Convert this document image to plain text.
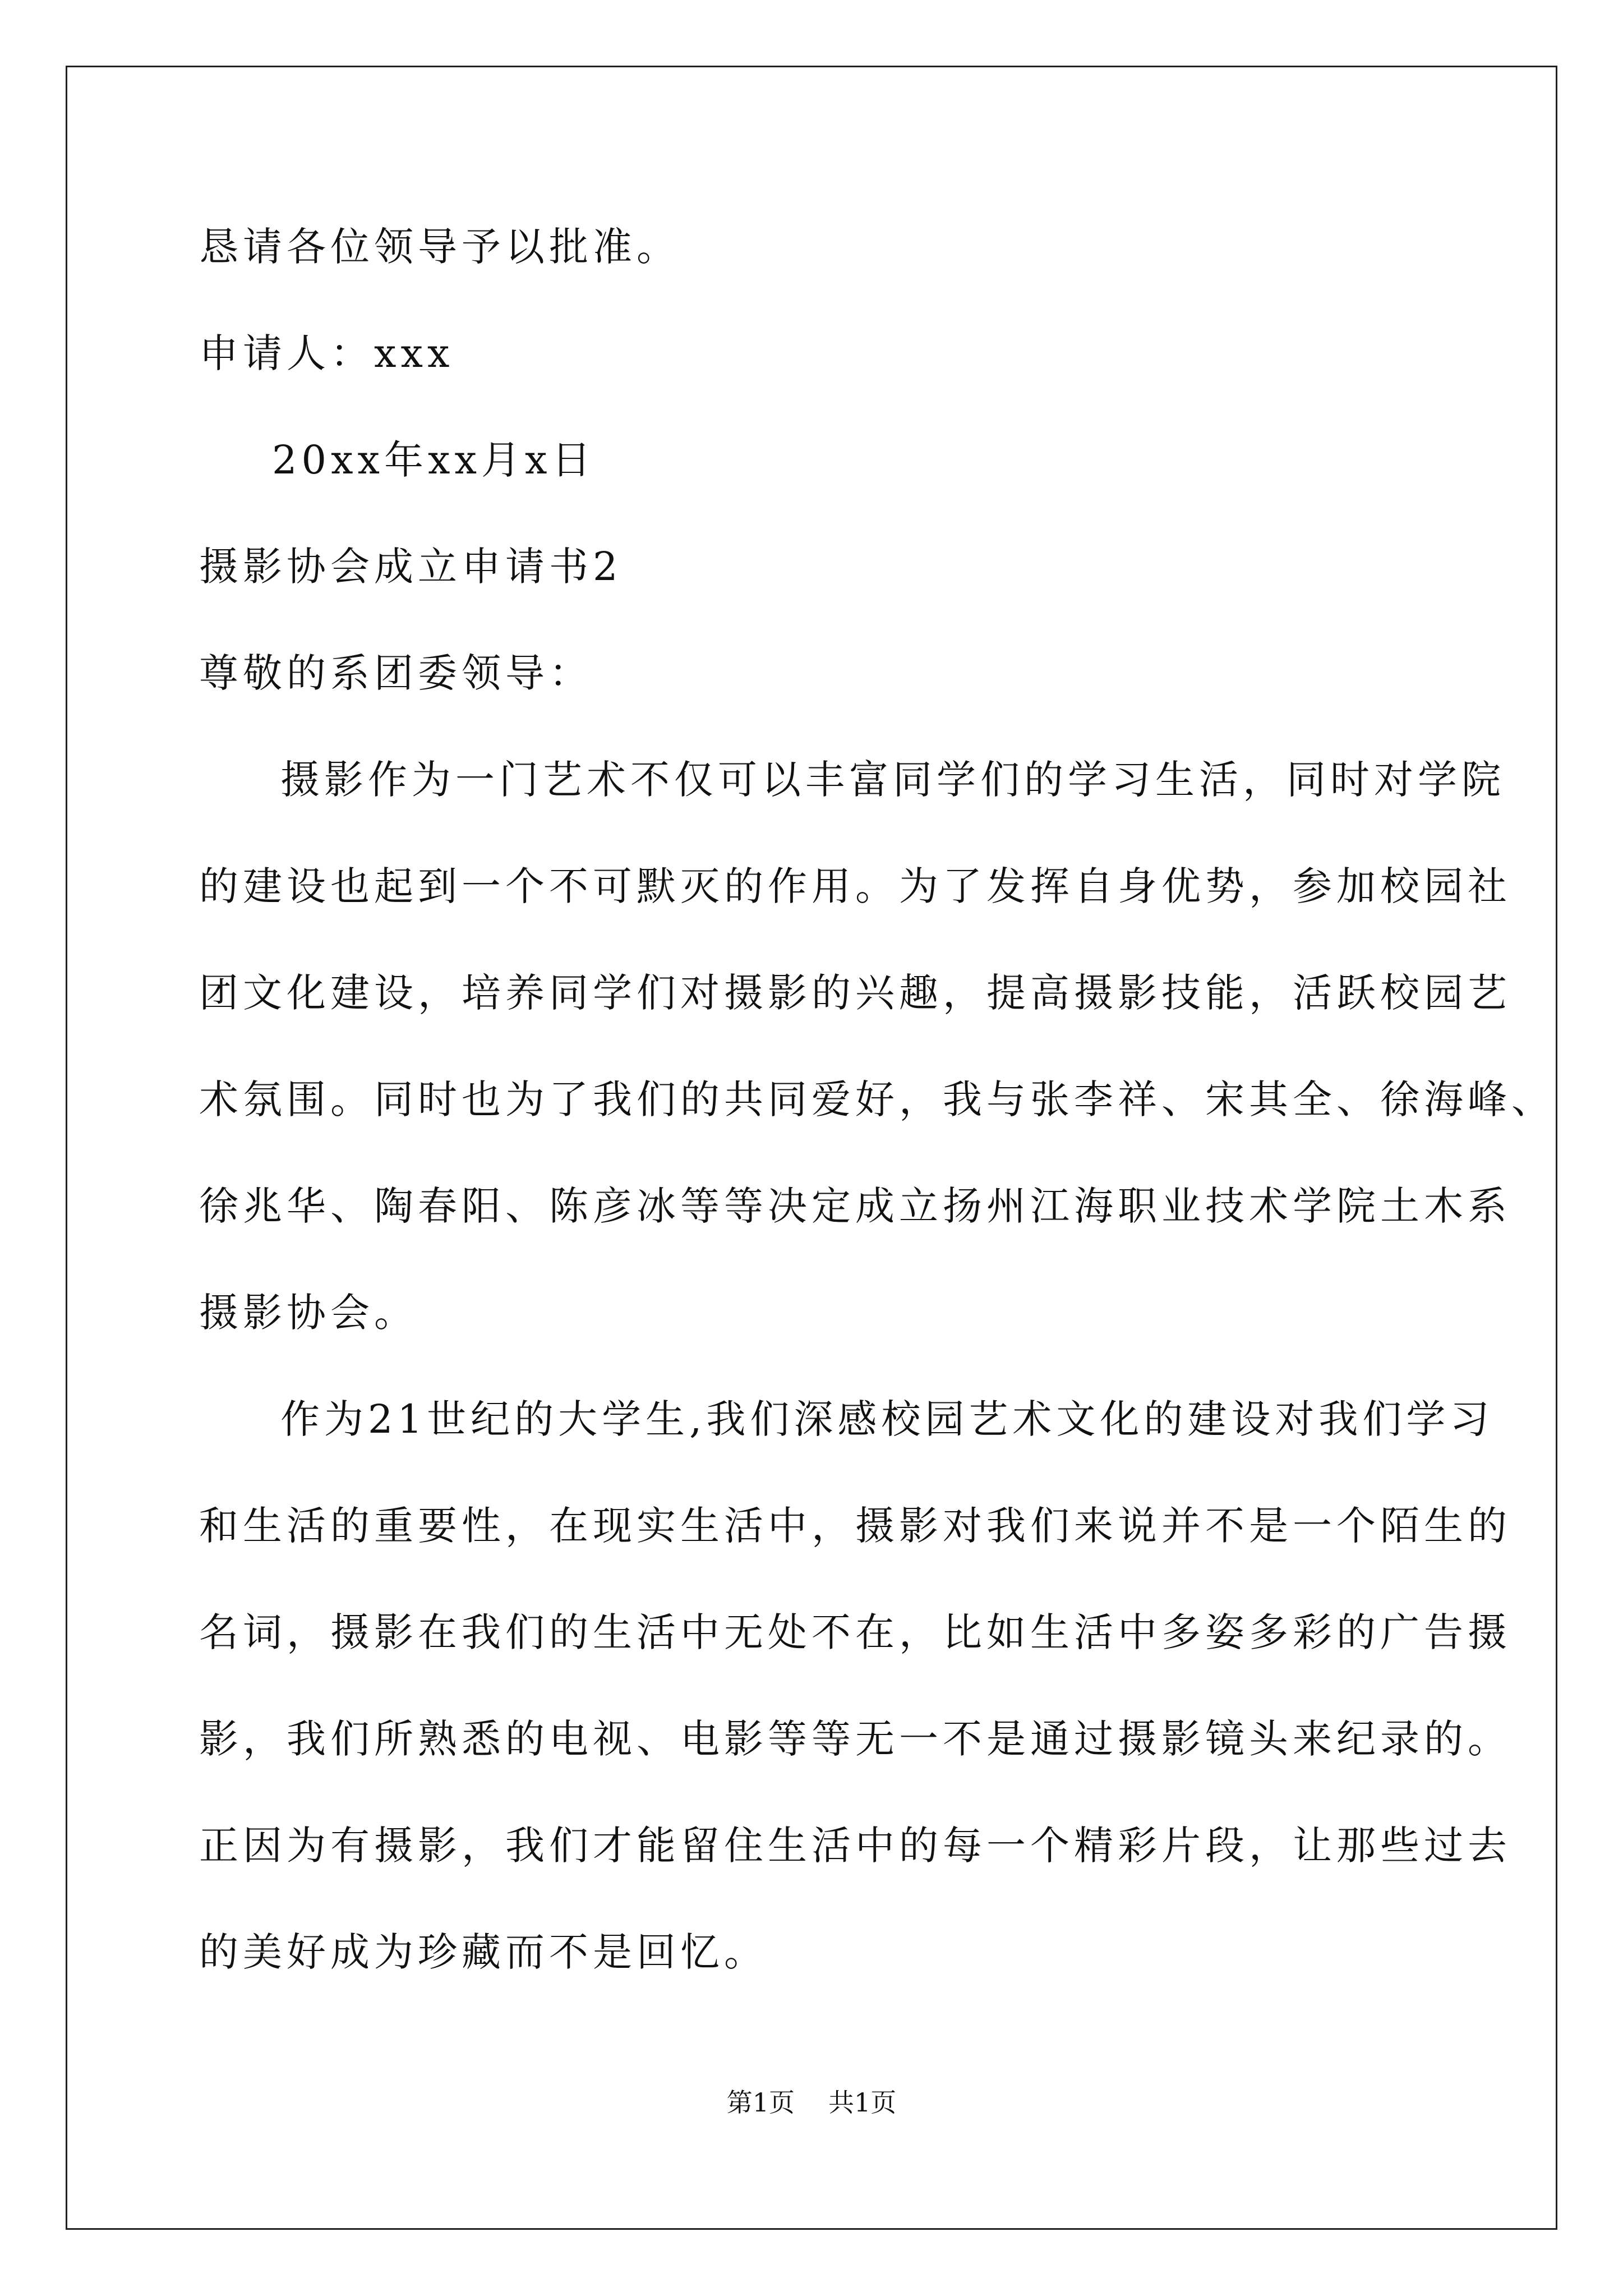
恳请各位领导予以批准。
申请人：xxx
20xx年xx月x日
摄影协会成立申请书2
尊敬的系团委领导：
摄影作为一门艺术不仅可以丰富同学们的学习生活，同时对学院
的建设也起到一个不可默灭的作用。为了发挥自身优势，参加校园社
团文化建设，培养同学们对摄影的兴趣，提高摄影技能，活跃校园艺
术氛围。同时也为了我们的共同爱好，我与张李祥、宋其全、徐海峰、
徐兆华、陶春阳、陈彦冰等等决定成立扬州江海职业技术学院土木系
摄影协会。
作为21世纪的大学生,我们深感校园艺术文化的建设对我们学习
和生活的重要性，在现实生活中，摄影对我们来说并不是一个陌生的
名词，摄影在我们的生活中无处不在，比如生活中多姿多彩的广告摄
影，我们所熟悉的电视、电影等等无一不是通过摄影镜头来纪录的。
正因为有摄影，我们才能留住生活中的每一个精彩片段，让那些过去
的美好成为珍藏而不是回忆。
第1页 共1页
